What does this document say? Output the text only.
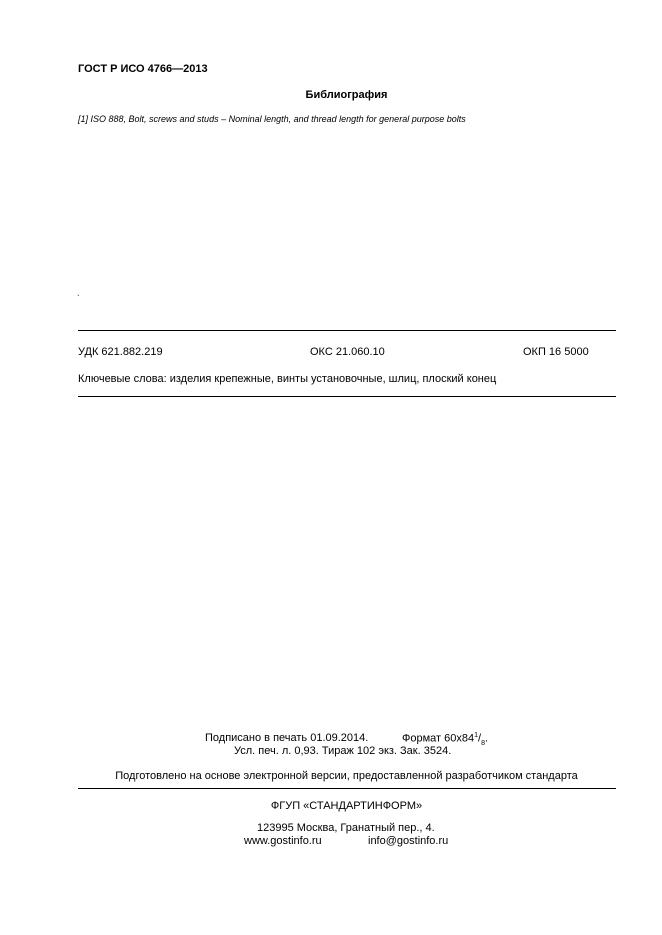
ГОСТ Р ИСО 4766—2013
Библиография
[1] ISO 888, Bolt, screws and studs – Nominal length, and thread length for general purpose bolts
`
УДК 621.882.219	ОКС 21.060.10	ОКП 16 5000
Ключевые слова: изделия крепежные, винты установочные, шлиц, плоский конец
Подписано в печать 01.09.2014.	Формат $60x84^1/_8$.
Усл. печ. л. 0,93. Тираж 102 экз. Зак. 3524.
Подготовлено на основе электронной версии, предоставленной разработчиком стандарта
ФГУП «СТАНДАРТИНФОРМ»
123995 Москва, Гранатный пер., 4.
www.gostinfo.ru	info@gostinfo.ru
